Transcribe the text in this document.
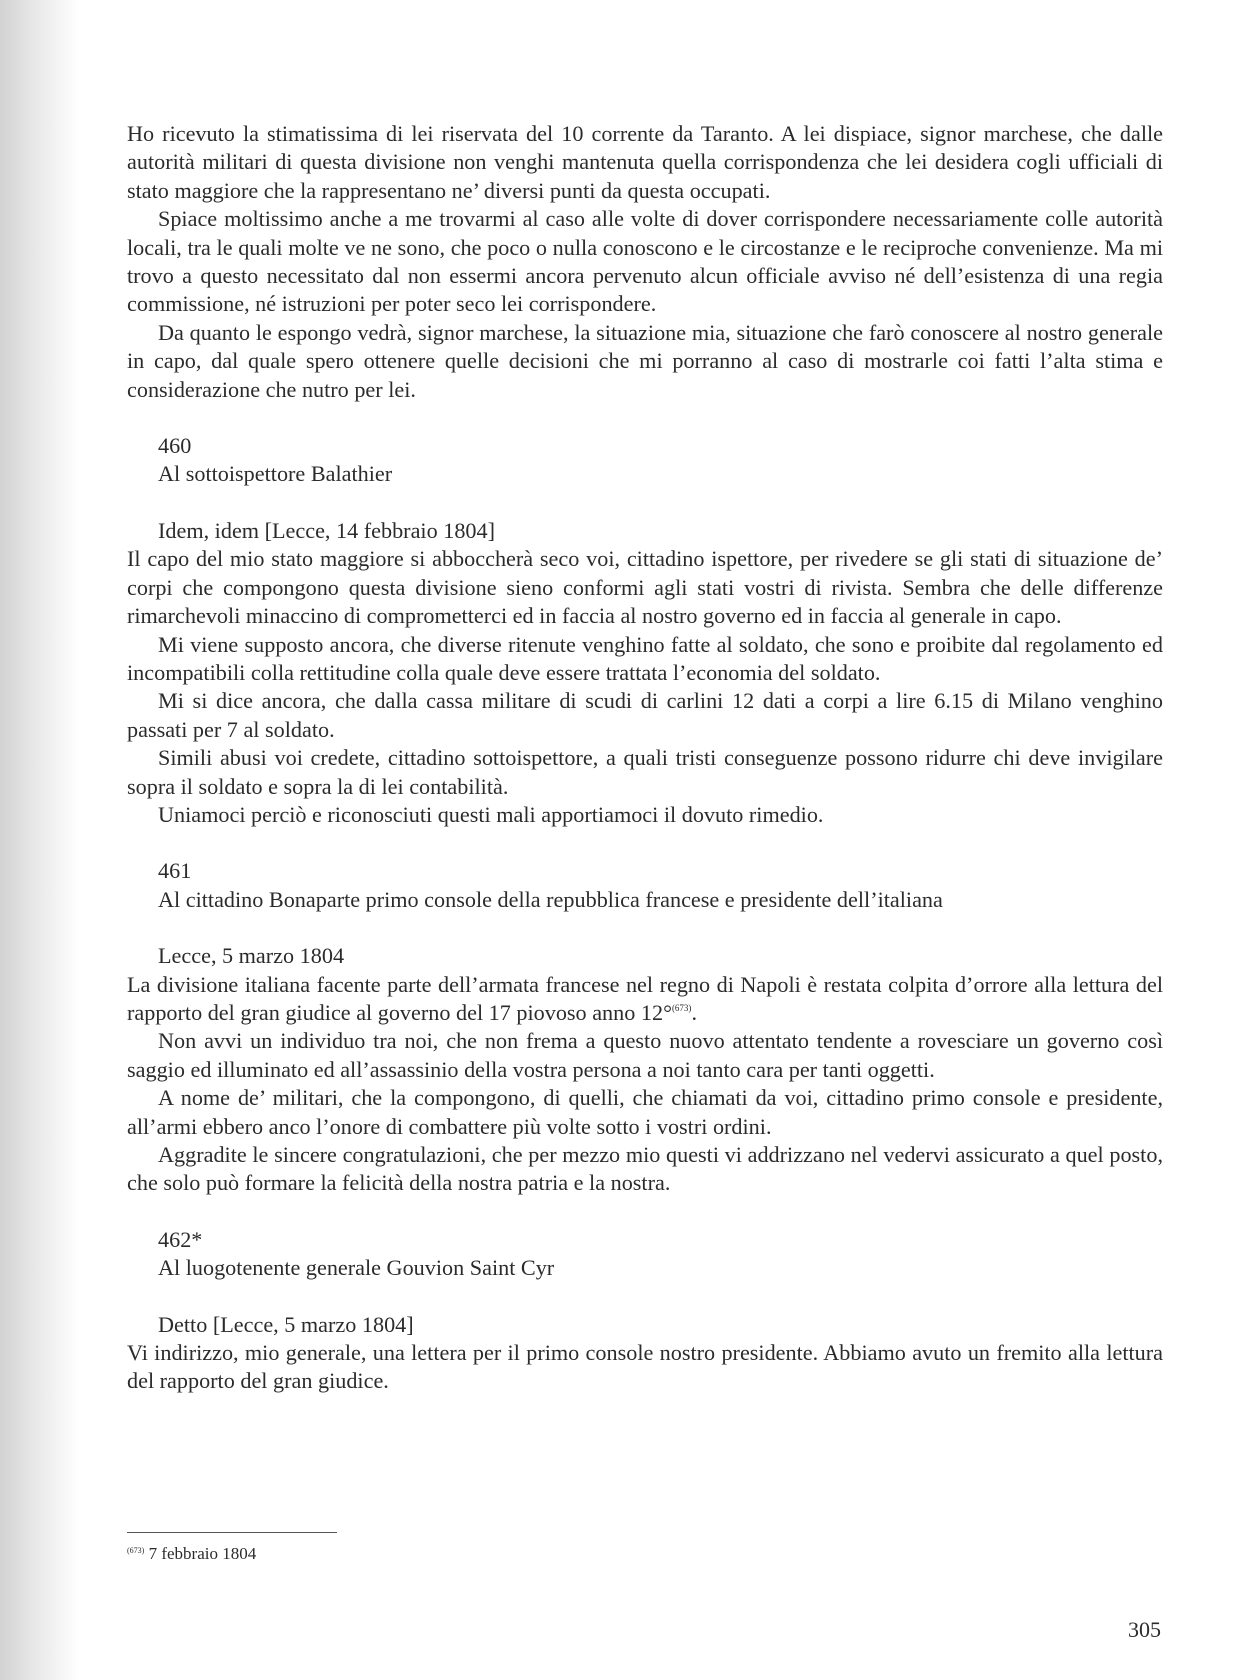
Ho ricevuto la stimatissima di lei riservata del 10 corrente da Taranto. A lei dispiace, signor marchese, che dalle autorità militari di questa divisione non venghi mantenuta quella corrispondenza che lei desidera cogli ufficiali di stato maggiore che la rappresentano ne’ diversi punti da questa occupati.

Spiace moltissimo anche a me trovarmi al caso alle volte di dover corrispondere necessariamente colle autorità locali, tra le quali molte ve ne sono, che poco o nulla conoscono e le circostanze e le reciproche convenienze. Ma mi trovo a questo necessitato dal non essermi ancora pervenuto alcun officiale avviso né dell’esistenza di una regia commissione, né istruzioni per poter seco lei corrispondere.

Da quanto le espongo vedrà, signor marchese, la situazione mia, situazione che farò conoscere al nostro generale in capo, dal quale spero ottenere quelle decisioni che mi porranno al caso di mostrarle coi fatti l’alta stima e considerazione che nutro per lei.

460
Al sottoispettore Balathier
Idem, idem [Lecce, 14 febbraio 1804]

Il capo del mio stato maggiore si abboccherà seco voi, cittadino ispettore, per rivedere se gli stati di situazione de’ corpi che compongono questa divisione sieno conformi agli stati vostri di rivista. Sembra che delle differenze rimarchevoli minaccino di comprometterci ed in faccia al nostro governo ed in faccia al generale in capo.

Mi viene supposto ancora, che diverse ritenute venghino fatte al soldato, che sono e proibite dal regolamento ed incompatibili colla rettitudine colla quale deve essere trattata l’economia del soldato.

Mi si dice ancora, che dalla cassa militare di scudi di carlini 12 dati a corpi a lire 6.15 di Milano venghino passati per 7 al soldato.

Simili abusi voi credete, cittadino sottoispettore, a quali tristi conseguenze possono ridurre chi deve invigilare sopra il soldato e sopra la di lei contabilità.

Uniamoci perciò e riconosciuti questi mali apportiamoci il dovuto rimedio.

461
Al cittadino Bonaparte primo console della repubblica francese e presidente dell’italiana
Lecce, 5 marzo 1804

La divisione italiana facente parte dell’armata francese nel regno di Napoli è restata colpita d’orrore alla lettura del rapporto del gran giudice al governo del 17 piovoso anno 12°$^{(673)}$.

Non avvi un individuo tra noi, che non frema a questo nuovo attentato tendente a rovesciare un governo così saggio ed illuminato ed all’assassinio della vostra persona a noi tanto cara per tanti oggetti.

A nome de’ militari, che la compongono, di quelli, che chiamati da voi, cittadino primo console e presidente, all’armi ebbero anco l’onore di combattere più volte sotto i vostri ordini.

Aggradite le sincere congratulazioni, che per mezzo mio questi vi addrizzano nel vedervi assicurato a quel posto, che solo può formare la felicità della nostra patria e la nostra.

462*
Al luogotenente generale Gouvion Saint Cyr
Detto [Lecce, 5 marzo 1804]

Vi indirizzo, mio generale, una lettera per il primo console nostro presidente. Abbiamo avuto un fremito alla lettura del rapporto del gran giudice.

$^{(673)}$ 7 febbraio 1804
305
